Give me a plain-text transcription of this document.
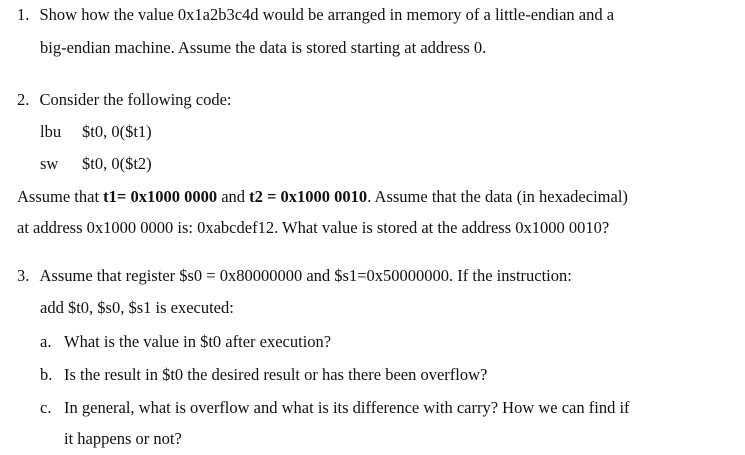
1. Show how the value 0x1a2b3c4d would be arranged in memory of a little-endian and a
big-endian machine. Assume the data is stored starting at address 0.
2. Consider the following code:
lbu $t0, 0($t1)
sw $t0, 0($t2)
Assume that t1= 0x1000 0000 and t2 = 0x1000 0010. Assume that the data (in hexadecimal)
at address 0x1000 0000 is: 0xabcdef12. What value is stored at the address 0x1000 0010?
3. Assume that register $s0 = 0x80000000 and $s1=0x50000000. If the instruction:
add $t0, $s0, $s1 is executed:
a. What is the value in $t0 after execution?
b. Is the result in $t0 the desired result or has there been overflow?
c. In general, what is overflow and what is its difference with carry? How we can find if
it happens or not?
